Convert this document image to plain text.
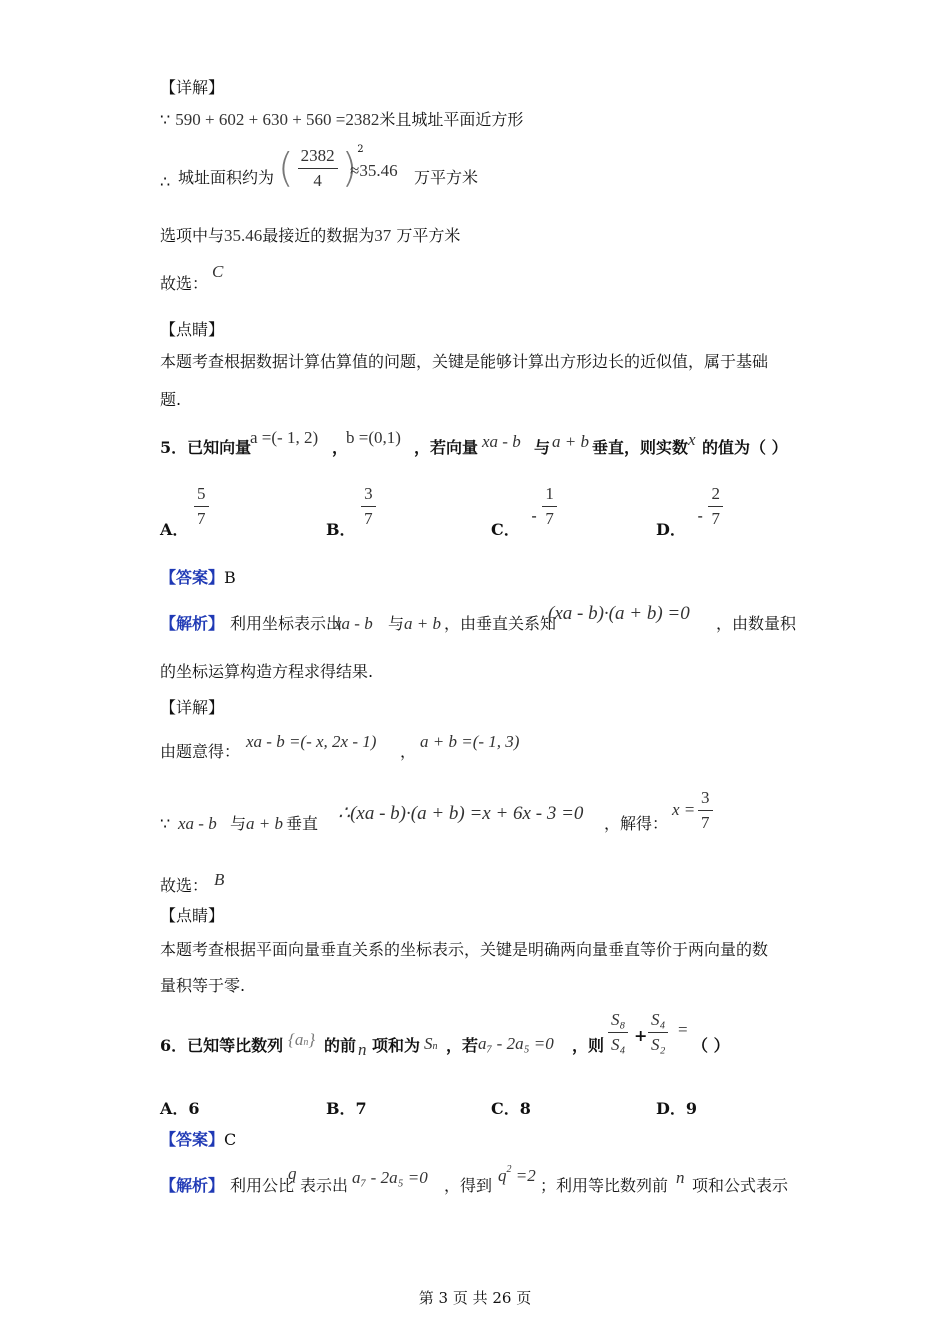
【详解】
∵ 590 + 602 + 630 + 560 =2382米且城址平面近方形
∴ 城址面积约为 ( $\frac{2382}{4} )^2$
≈35.46 万平方米
选项中与35.46最接近的数据为37 万平方米
故选：
C
【点睛】
本题考查根据数据计算估算值的问题，关键是能够计算出方形边长的近似值，属于基础
题.
5．已知向量
a =(- 1, 2)
，
b =(0,1)
，若向量 xa - b 与 a + b 垂直，则实数 x 的值为（ ）
A．
$\frac{5}{7}$
B．
$\frac{3}{7}$
C． - $\frac{1}{7}$
D． - $\frac{2}{7}$
【答案】B
【解析】 利用坐标表示出
xa - b 与 a + b ，由垂直关系知
(xa - b)·(a + b) =0 ，由数量积
的坐标运算构造方程求得结果.
【详解】
由题意得：
xa - b =(- x, 2x - 1)
，
a + b =(- 1, 3)
∵ xa - b 与 a + b 垂直 ∴(xa - b)·(a + b) =x + 6x - 3 =0 ，解得：
$x = \frac{3}{7}$
故选： B
【点睛】
本题考查根据平面向量垂直关系的坐标表示，关键是明确两向量垂直等价于两向量的数
量积等于零.
6．已知等比数列 {an} 的前 n 项和为 Sn ，若 a₇ - 2a₅ =0 ，则 $\frac{\text{S₈}}{\text{S₄}} + \frac{\text{S₄}}{\text{S₂}}$ =
（ ）
A．6	B．7	C．8	D．9
【答案】C
【解析】 利用公比
q
表示出 a₇ - 2a₅ =0 ，得到
$q^2 =2$
；利用等比数列前 n 项和公式表示
第 3 页 共 26 页
